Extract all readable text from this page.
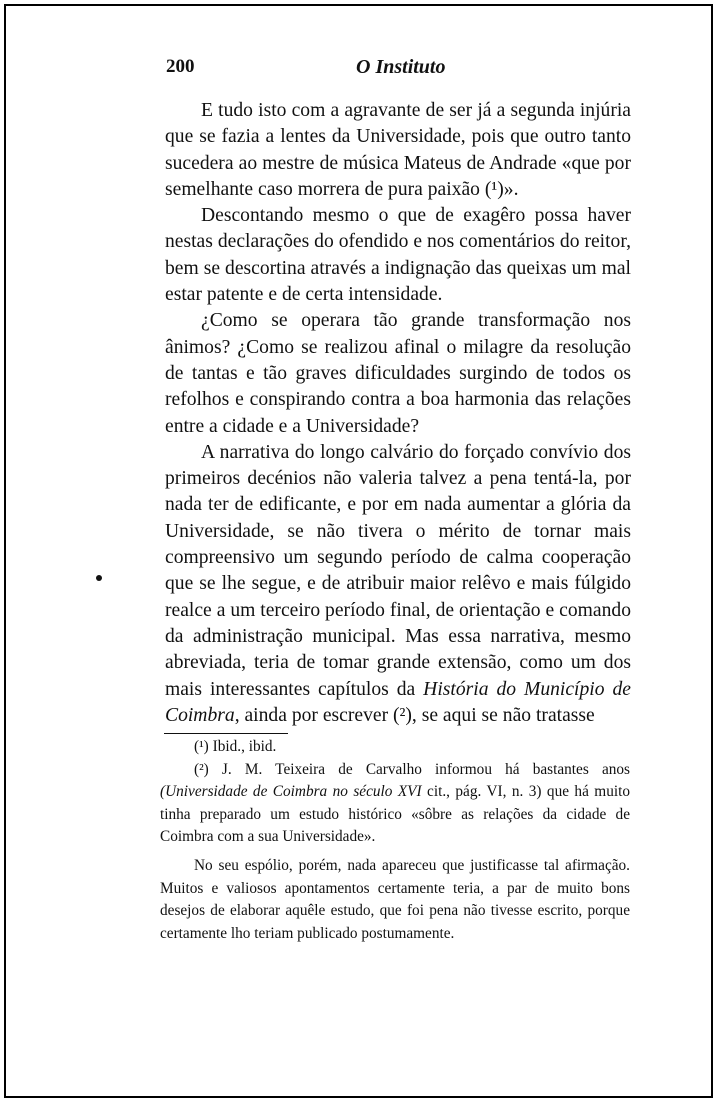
200	O Instituto

E tudo isto com a agravante de ser já a segunda injúria que se fazia a lentes da Universidade, pois que outro tanto sucedera ao mestre de música Mateus de Andrade «que por semelhante caso morrera de pura paixão (¹)».

Descontando mesmo o que de exagêro possa haver nestas declarações do ofendido e nos comentários do reitor, bem se descortina através a indignação das queixas um mal estar patente e de certa intensidade.

¿Como se operara tão grande transformação nos ânimos? ¿Como se realizou afinal o milagre da resolução de tantas e tão graves dificuldades surgindo de todos os refolhos e conspirando contra a boa harmonia das relações entre a cidade e a Universidade?

A narrativa do longo calvário do forçado convívio dos primeiros decénios não valeria talvez a pena tentá-la, por nada ter de edificante, e por em nada aumentar a glória da Universidade, se não tivera o mérito de tornar mais compreensivo um segundo período de calma cooperação que se lhe segue, e de atribuir maior relêvo e mais fúlgido realce a um terceiro período final, de orientação e comando da administração municipal. Mas essa narrativa, mesmo abreviada, teria de tomar grande extensão, como um dos mais interessantes capítulos da História do Município de Coimbra, ainda por escrever (²), se aqui se não tratasse

(¹) Ibid., ibid.

(²) J. M. Teixeira de Carvalho informou há bastantes anos (Universidade de Coimbra no século XVI cit., pág. VI, n. 3) que há muito tinha preparado um estudo histórico «sôbre as relações da cidade de Coimbra com a sua Universidade».

No seu espólio, porém, nada apareceu que justificasse tal afirmação. Muitos e valiosos apontamentos certamente teria, a par de muito bons desejos de elaborar aquêle estudo, que foi pena não tivesse escrito, porque certamente lho teriam publicado postumamente.
